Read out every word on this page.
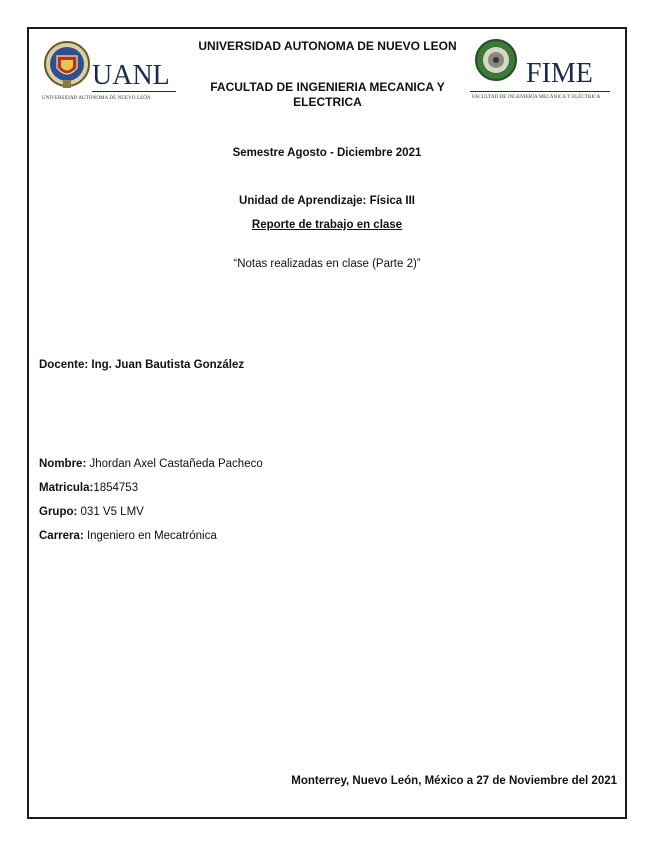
UANL
UNIVERSIDAD AUTÓNOMA DE NUEVO LEÓN
FIME
FACULTAD DE INGENIERÍA MECÁNICA Y ELÉCTRICA
UNIVERSIDAD AUTONOMA DE NUEVO LEON
FACULTAD DE INGENIERIA MECANICA Y ELECTRICA
Semestre Agosto - Diciembre 2021
Unidad de Aprendizaje: Física III
Reporte de trabajo en clase
“Notas realizadas en clase (Parte 2)”
Docente: Ing. Juan Bautista González
Nombre: Jhordan Axel Castañeda Pacheco
Matricula:1854753
Grupo: 031 V5 LMV
Carrera: Ingeniero en Mecatrónica
Monterrey, Nuevo León, México a 27 de Noviembre del 2021
